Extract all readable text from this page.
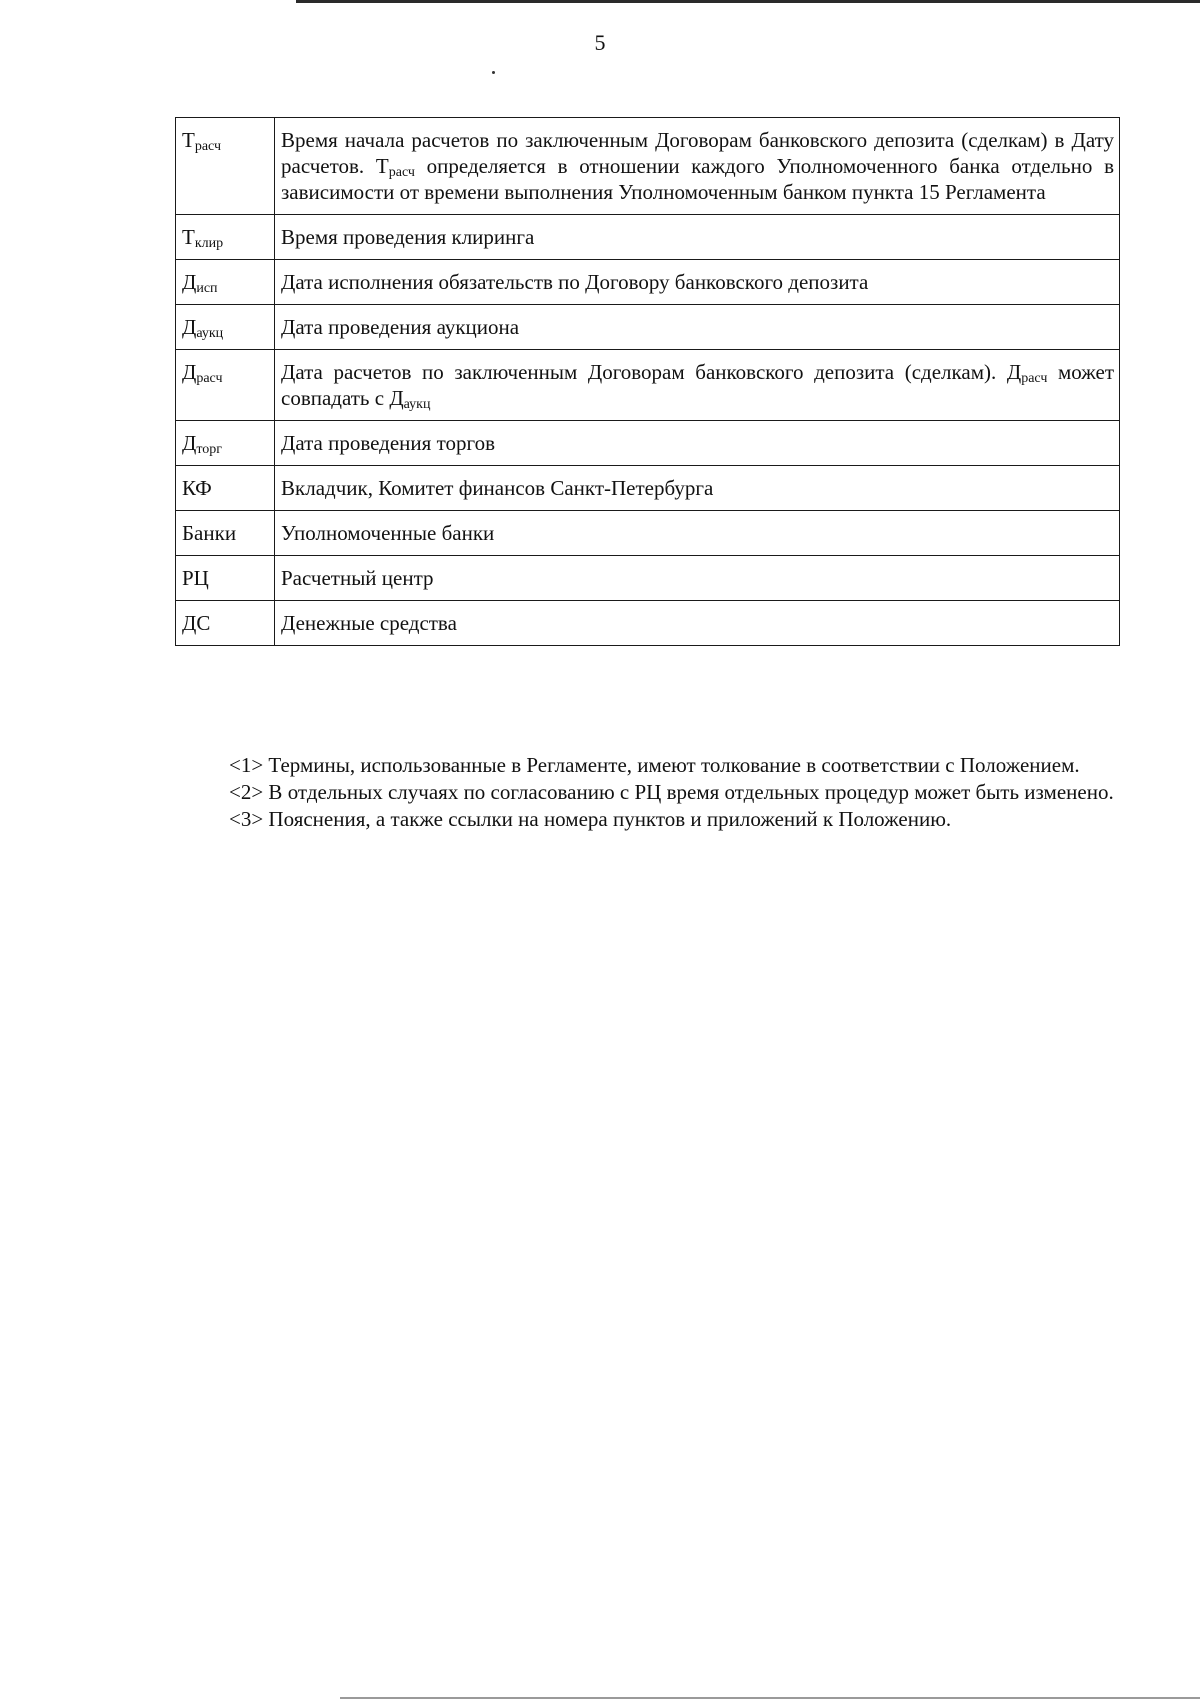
5
$Т_{расч}$	Время начала расчетов по заключенным Договорам банковского депозита (сделкам) в Дату расчетов. $Т_{расч}$ определяется в отношении каждого Уполномоченного банка отдельно в зависимости от времени выполнения Уполномоченным банком пункта 15 Регламента
$Т_{клир}$	Время проведения клиринга
$Д_{исп}$	Дата исполнения обязательств по Договору банковского депозита
$Д_{аукц}$	Дата проведения аукциона
$Д_{расч}$	Дата расчетов по заключенным Договорам банковского депозита (сделкам). $Д_{расч}$ может совпадать с $Д_{аукц}$
$Д_{торг}$	Дата проведения торгов
КФ	Вкладчик, Комитет финансов Санкт-Петербурга
Банки	Уполномоченные банки
РЦ	Расчетный центр
ДС	Денежные средства

<1> Термины, использованные в Регламенте, имеют толкование в соответствии с Положением.

<2> В отдельных случаях по согласованию с РЦ время отдельных процедур может быть изменено.

<3> Пояснения, а также ссылки на номера пунктов и приложений к Положению.
